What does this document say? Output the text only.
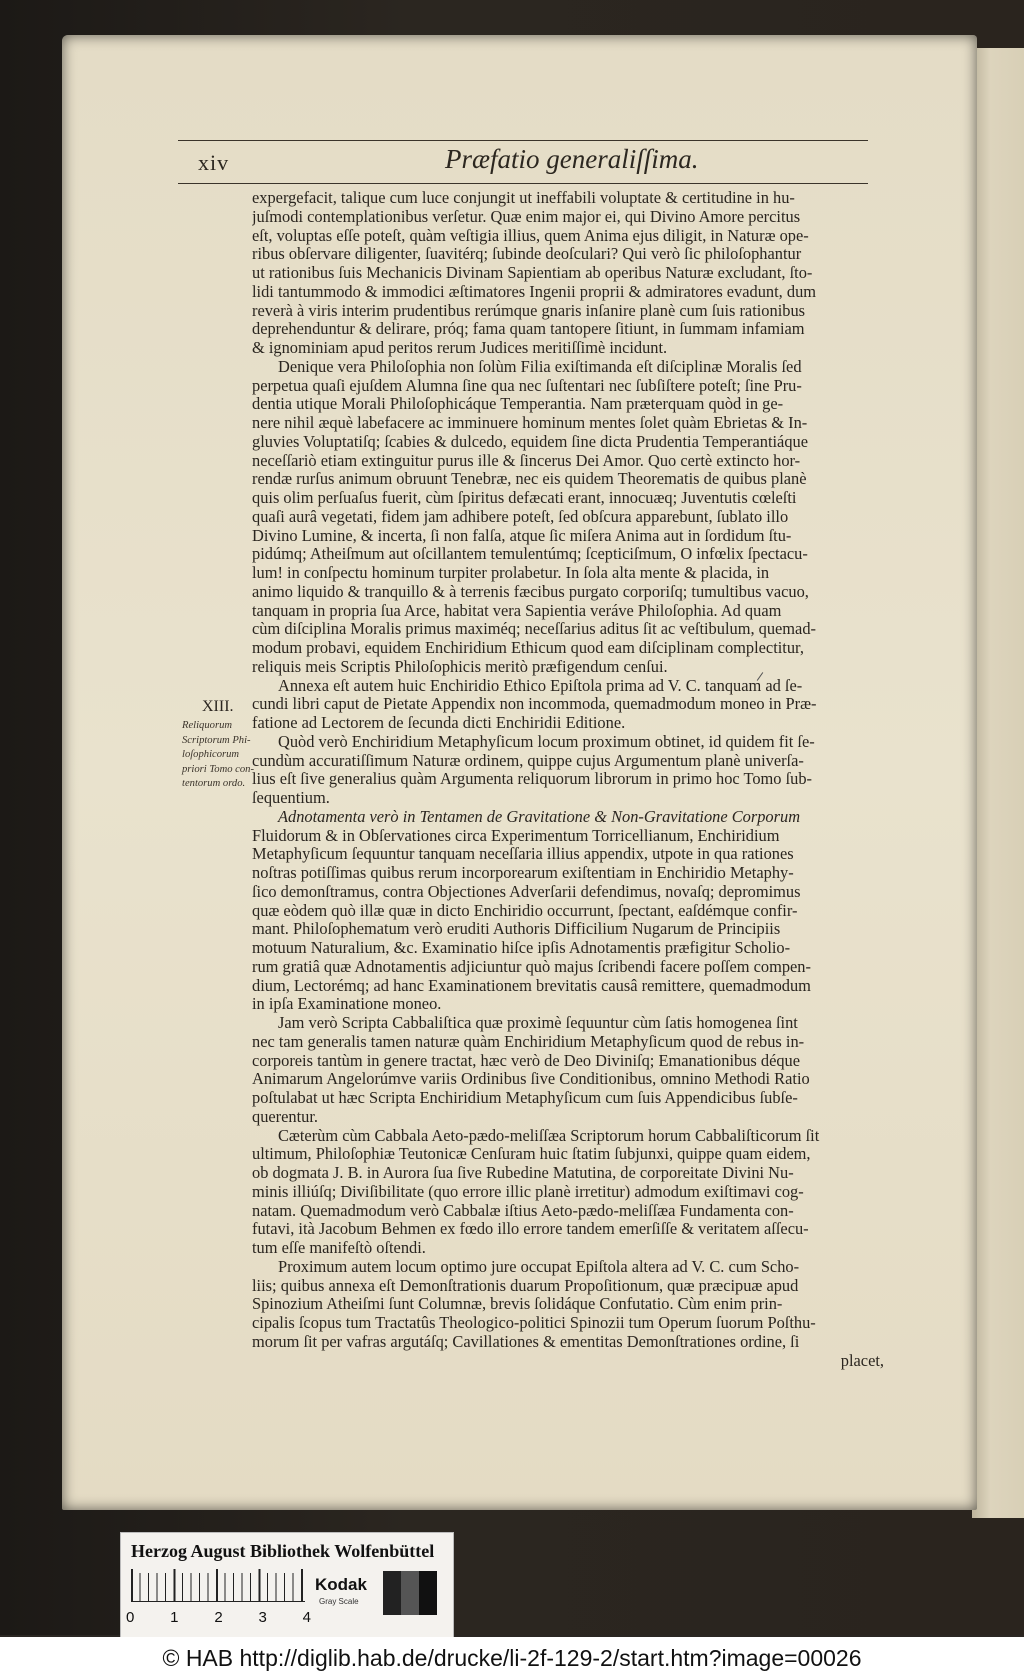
xiv	Præfatio generaliſſima.
XIII.
Reliquorum
Scriptorum Phi-
loſophicorum
priori Tomo con-
tentorum ordo.
expergefacit, talique cum luce conjungit ut ineffabili voluptate & certitudine in hu-
juſmodi contemplationibus verſetur. Quæ enim major ei, qui Divino Amore percitus
eſt, voluptas eſſe poteſt, quàm veſtigia illius, quem Anima ejus diligit, in Naturæ ope-
ribus obſervare diligenter, ſuavitérq; ſubinde deoſculari? Qui verò ſic philoſophantur
ut rationibus ſuis Mechanicis Divinam Sapientiam ab operibus Naturæ excludant, ſto-
lidi tantummodo & immodici æſtimatores Ingenii proprii & admiratores evadunt, dum
reverà à viris interim prudentibus rerúmque gnaris inſanire planè cum ſuis rationibus
deprehenduntur & delirare, próq; fama quam tantopere ſitiunt, in ſummam infamiam
& ignominiam apud peritos rerum Judices meritiſſimè incidunt.
Denique vera Philoſophia non ſolùm Filia exiſtimanda eſt diſciplinæ Moralis ſed
perpetua quaſi ejuſdem Alumna ſine qua nec ſuſtentari nec ſubſiſtere poteſt; ſine Pru-
dentia utique Morali Philoſophicáque Temperantia. Nam præterquam quòd in ge-
nere nihil æquè labefacere ac imminuere hominum mentes ſolet quàm Ebrietas & In-
gluvies Voluptatiſq; ſcabies & dulcedo, equidem ſine dicta Prudentia Temperantiáque
neceſſariò etiam extinguitur purus ille & ſincerus Dei Amor. Quo certè extincto hor-
rendæ rurſus animum obruunt Tenebræ, nec eis quidem Theorematis de quibus planè
quis olim perſuaſus fuerit, cùm ſpiritus defæcati erant, innocuæq; Juventutis cœleſti
quaſi aurâ vegetati, fidem jam adhibere poteſt, ſed obſcura apparebunt, ſublato illo
Divino Lumine, & incerta, ſi non falſa, atque ſic miſera Anima aut in ſordidum ſtu-
pidúmq; Atheiſmum aut oſcillantem temulentúmq; ſcepticiſmum, O infœlix ſpectacu-
lum! in conſpectu hominum turpiter prolabetur. In ſola alta mente & placida, in
animo liquido & tranquillo & à terrenis fæcibus purgato corporiſq; tumultibus vacuo,
tanquam in propria ſua Arce, habitat vera Sapientia veráve Philoſophia. Ad quam
cùm diſciplina Moralis primus maximéq; neceſſarius aditus ſit ac veſtibulum, quemad-
modum probavi, equidem Enchiridium Ethicum quod eam diſciplinam complectitur,
reliquis meis Scriptis Philoſophicis meritò præfigendum cenſui.
Annexa eſt autem huic Enchiridio Ethico Epiſtola prima ad V. C. tanquam ad ſe-
cundi libri caput de Pietate Appendix non incommoda, quemadmodum moneo in Præ-
fatione ad Lectorem de ſecunda dicti Enchiridii Editione.
Quòd verò Enchiridium Metaphyſicum locum proximum obtinet, id quidem fit ſe-
cundùm accuratiſſimum Naturæ ordinem, quippe cujus Argumentum planè univerſa-
lius eſt ſive generalius quàm Argumenta reliquorum librorum in primo hoc Tomo ſub-
ſequentium.
Adnotamenta verò in Tentamen de Gravitatione & Non-Gravitatione Corporum
Fluidorum & in Obſervationes circa Experimentum Torricellianum, Enchiridium
Metaphyſicum ſequuntur tanquam neceſſaria illius appendix, utpote in qua rationes
noſtras potiſſimas quibus rerum incorporearum exiſtentiam in Enchiridio Metaphy-
ſico demonſtramus, contra Objectiones Adverſarii defendimus, novaſq; depromimus
quæ eòdem quò illæ quæ in dicto Enchiridio occurrunt, ſpectant, eaſdémque confir-
mant. Philoſophematum verò eruditi Authoris Difficilium Nugarum de Principiis
motuum Naturalium, &c. Examinatio hiſce ipſis Adnotamentis præfigitur Scholio-
rum gratiâ quæ Adnotamentis adjiciuntur quò majus ſcribendi facere poſſem compen-
dium, Lectorémq; ad hanc Examinationem brevitatis causâ remittere, quemadmodum
in ipſa Examinatione moneo.
Jam verò Scripta Cabbaliſtica quæ proximè ſequuntur cùm ſatis homogenea ſint
nec tam generalis tamen naturæ quàm Enchiridium Metaphyſicum quod de rebus in-
corporeis tantùm in genere tractat, hæc verò de Deo Diviniſq; Emanationibus déque
Animarum Angelorúmve variis Ordinibus ſive Conditionibus, omnino Methodi Ratio
poſtulabat ut hæc Scripta Enchiridium Metaphyſicum cum ſuis Appendicibus ſubſe-
querentur.
Cæterùm cùm Cabbala Aeto-pædo-meliſſæa Scriptorum horum Cabbaliſticorum ſit
ultimum, Philoſophiæ Teutonicæ Cenſuram huic ſtatim ſubjunxi, quippe quam eidem,
ob dogmata J. B. in Aurora ſua ſive Rubedine Matutina, de corporeitate Divini Nu-
minis illiúſq; Diviſibilitate (quo errore illic planè irretitur) admodum exiſtimavi cog-
natam. Quemadmodum verò Cabbalæ iſtius Aeto-pædo-meliſſæa Fundamenta con-
futavi, ità Jacobum Behmen ex fœdo illo errore tandem emerſiſſe & veritatem aſſecu-
tum eſſe manifeſtò oſtendi.
Proximum autem locum optimo jure occupat Epiſtola altera ad V. C. cum Scho-
liis; quibus annexa eſt Demonſtrationis duarum Propoſitionum, quæ præcipuæ apud
Spinozium Atheiſmi ſunt Columnæ, brevis ſolidáque Confutatio. Cùm enim prin-
cipalis ſcopus tum Tractatûs Theologico-politici Spinozii tum Operum ſuorum Poſthu-
morum ſit per vafras argutáſq; Cavillationes & ementitas Demonſtrationes ordine, ſi
placet,
Herzog August Bibliothek Wolfenbüttel
0 1 2 3 4
Kodak
Gray Scale
© HAB http://diglib.hab.de/drucke/li-2f-129-2/start.htm?image=00026
